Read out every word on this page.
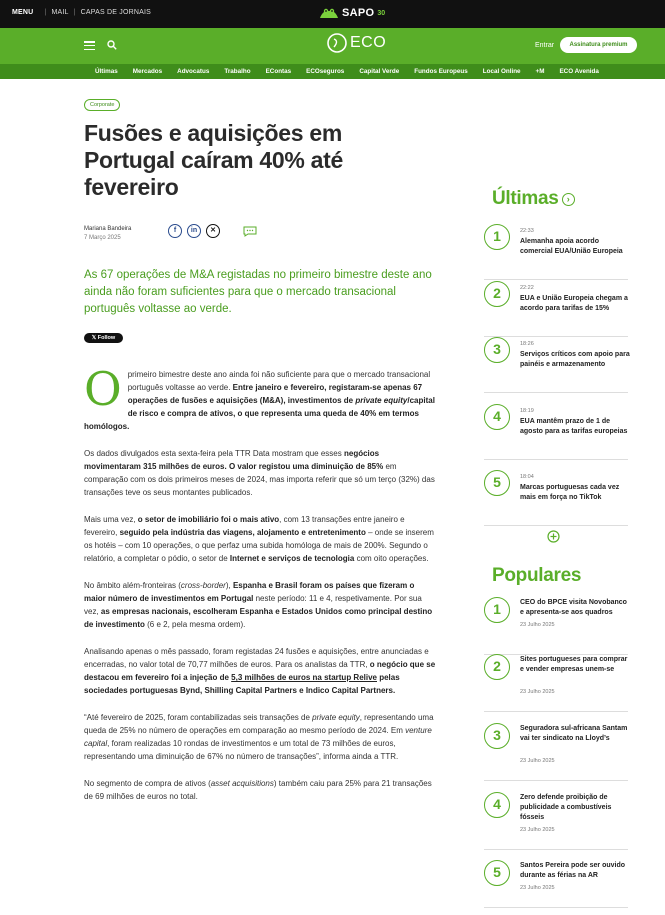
MENU | MAIL | CAPAS DE JORNAIS	SAPO 30
ECO	Entrar	Assinatura premium
Últimas Mercados Advocatus Trabalho EContas ECOseguros Capital Verde Fundos Europeus Local Online +M ECO Avenida
Corporate
Fusões e aquisições em Portugal caíram 40% até fevereiro
Mariana Bandeira
7 Março 2025
f	in	✕

As 67 operações de M&A registadas no primeiro bimestre deste ano ainda não foram suficientes para que o mercado transacional português voltasse ao verde.

𝕏 Follow

Oprimeiro bimestre deste ano ainda foi não suficiente para que o mercado transacional português voltasse ao verde. Entre janeiro e fevereiro, registaram-se apenas 67 operações de fusões e aquisições (M&A), investimentos de private equity/capital de risco e compra de ativos, o que representa uma queda de 40% em termos homólogos.

Os dados divulgados esta sexta-feira pela TTR Data mostram que esses negócios movimentaram 315 milhões de euros. O valor registou uma diminuição de 85% em comparação com os dois primeiros meses de 2024, mas importa referir que só um terço (32%) das transações teve os seus montantes publicados.

Mais uma vez, o setor de imobiliário foi o mais ativo, com 13 transações entre janeiro e fevereiro, seguido pela indústria das viagens, alojamento e entretenimento – onde se inserem os hotéis – com 10 operações, o que perfaz uma subida homóloga de mais de 200%. Segundo o relatório, a completar o pódio, o setor de Internet e serviços de tecnologia com oito operações.

No âmbito além-fronteiras (cross-border), Espanha e Brasil foram os países que fizeram o maior número de investimentos em Portugal neste período: 11 e 4, respetivamente. Por sua vez, as empresas nacionais, escolheram Espanha e Estados Unidos como principal destino de investimento (6 e 2, pela mesma ordem).

Analisando apenas o mês passado, foram registadas 24 fusões e aquisições, entre anunciadas e encerradas, no valor total de 70,77 milhões de euros. Para os analistas da TTR, o negócio que se destacou em fevereiro foi a injeção de 5,3 milhões de euros na startup Relive pelas sociedades portuguesas Bynd, Shilling Capital Partners e Indico Capital Partners.

“Até fevereiro de 2025, foram contabilizadas seis transações de private equity, representando uma queda de 25% no número de operações em comparação ao mesmo período de 2024. Em venture capital, foram realizadas 10 rondas de investimentos e um total de 73 milhões de euros, representando uma diminuição de 67% no número de transações”, informa ainda a TTR.

No segmento de compra de ativos (asset acquisitions) também caiu para 25% para 21 transações de 69 milhões de euros no total.

Últimas ›
1	22:33
Alemanha apoia acordo comercial EUA/União Europeia
2	22:22
EUA e União Europeia chegam a acordo para tarifas de 15%
3	18:26
Serviços críticos com apoio para painéis e armazenamento
4	18:19
EUA mantêm prazo de 1 de agosto para as tarifas europeias
5	18:04
Marcas portuguesas cada vez mais em força no TikTok
Populares
1	CEO do BPCE visita Novobanco e apresenta-se aos quadros
23 Julho 2025
2	Sites portugueses para comprar e vender empresas unem-se
23 Julho 2025
3	Seguradora sul-africana Santam vai ter sindicato na Lloyd’s
23 Julho 2025
4	Zero defende proibição de publicidade a combustíveis fósseis
23 Julho 2025
5	Santos Pereira pode ser ouvido durante as férias na AR
23 Julho 2025
